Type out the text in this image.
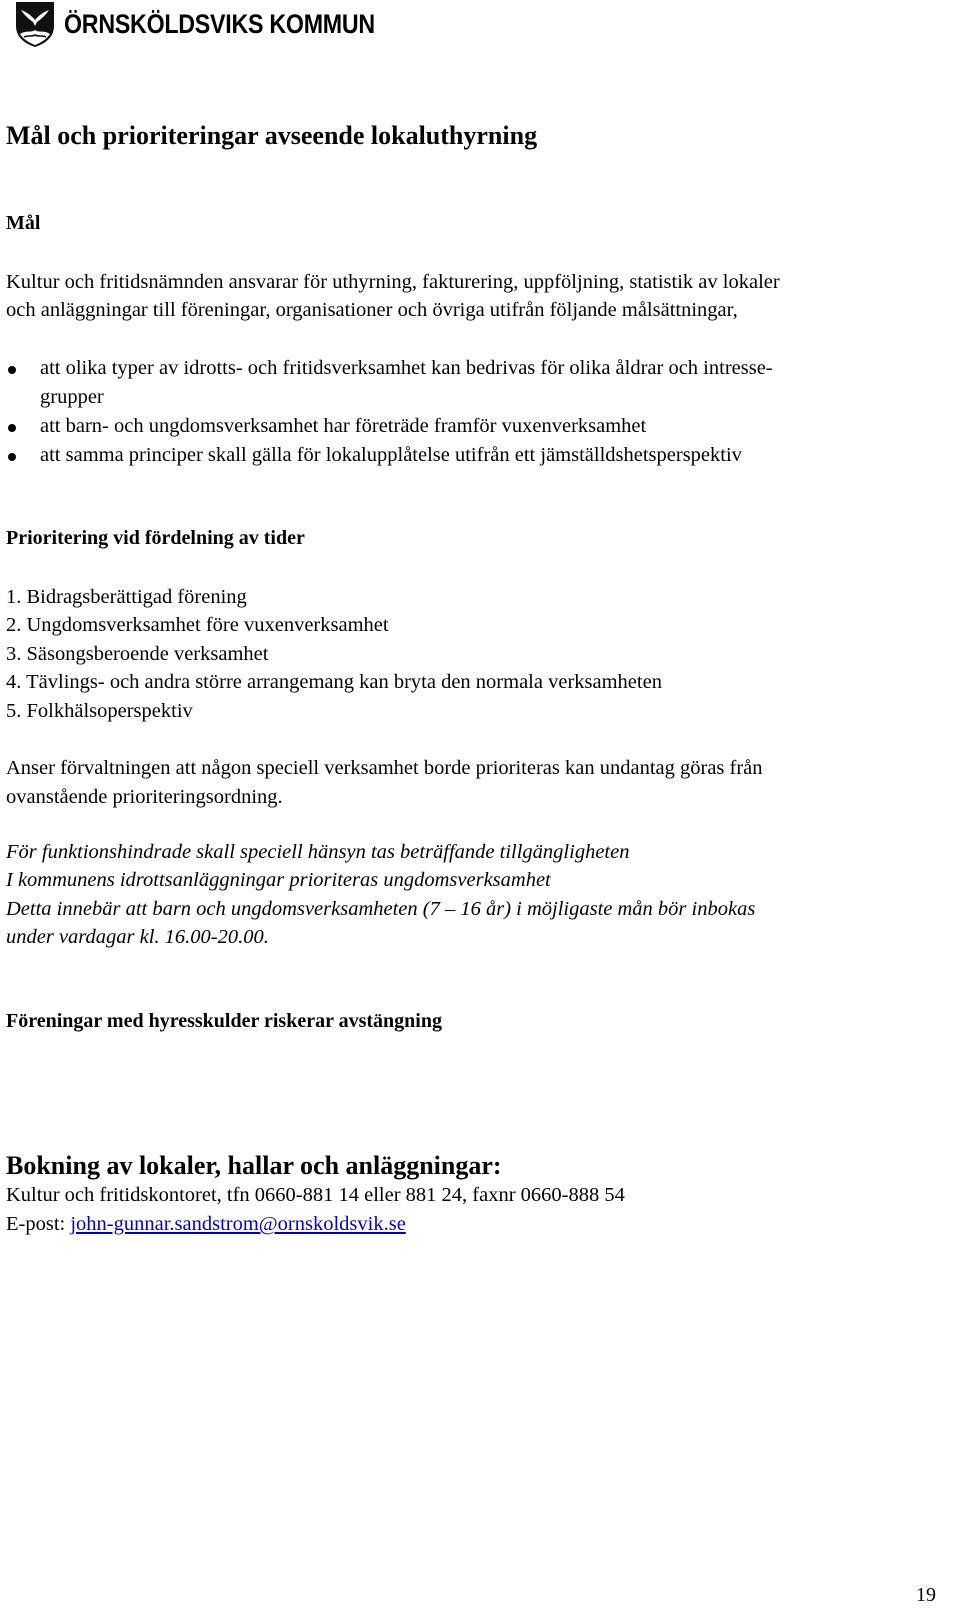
ÖRNSKÖLDSVIKS KOMMUN
Mål och prioriteringar avseende lokaluthyrning
Mål
Kultur och fritidsnämnden ansvarar för uthyrning, fakturering, uppföljning, statistik av lokaler
och anläggningar till föreningar, organisationer och övriga utifrån följande målsättningar,
att olika typer av idrotts- och fritidsverksamhet kan bedrivas för olika åldrar och intresse-
grupper
att barn- och ungdomsverksamhet har företräde framför vuxenverksamhet
att samma principer skall gälla för lokalupplåtelse utifrån ett jämställdshetsperspektiv
Prioritering vid fördelning av tider
1. Bidragsberättigad förening
2. Ungdomsverksamhet före vuxenverksamhet
3. Säsongsberoende verksamhet
4. Tävlings- och andra större arrangemang kan bryta den normala verksamheten
5. Folkhälsoperspektiv
Anser förvaltningen att någon speciell verksamhet borde prioriteras kan undantag göras från
ovanstående prioriteringsordning.
För funktionshindrade skall speciell hänsyn tas beträffande tillgängligheten
I kommunens idrottsanläggningar prioriteras ungdomsverksamhet
Detta innebär att barn och ungdomsverksamheten (7 – 16 år) i möjligaste mån bör inbokas
under vardagar kl. 16.00-20.00.
Föreningar med hyresskulder riskerar avstängning
Bokning av lokaler, hallar och anläggningar:
Kultur och fritidskontoret, tfn 0660-881 14 eller 881 24, faxnr 0660-888 54
E-post: john-gunnar.sandstrom@ornskoldsvik.se
19
